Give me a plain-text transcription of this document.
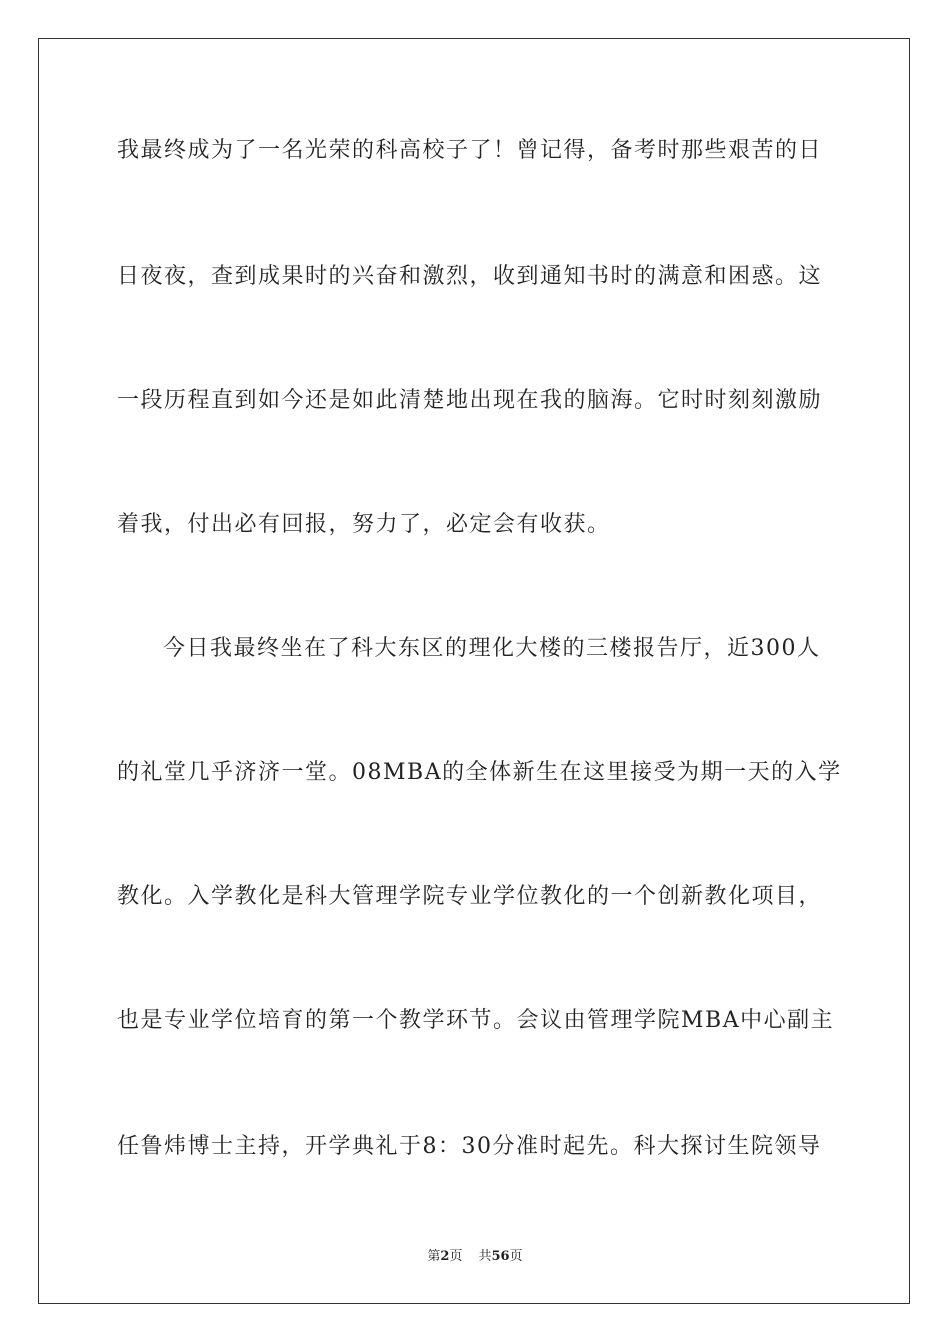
我最终成为了一名光荣的科高校子了！曾记得，备考时那些艰苦的日
日夜夜，查到成果时的兴奋和激烈，收到通知书时的满意和困惑。这
一段历程直到如今还是如此清楚地出现在我的脑海。它时时刻刻激励
着我，付出必有回报，努力了，必定会有收获。
今日我最终坐在了科大东区的理化大楼的三楼报告厅，近300人
的礼堂几乎济济一堂。08MBA的全体新生在这里接受为期一天的入学
教化。入学教化是科大管理学院专业学位教化的一个创新教化项目，
也是专业学位培育的第一个教学环节。会议由管理学院MBA中心副主
任鲁炜博士主持，开学典礼于8：30分准时起先。科大探讨生院领导
第2页 共56页
